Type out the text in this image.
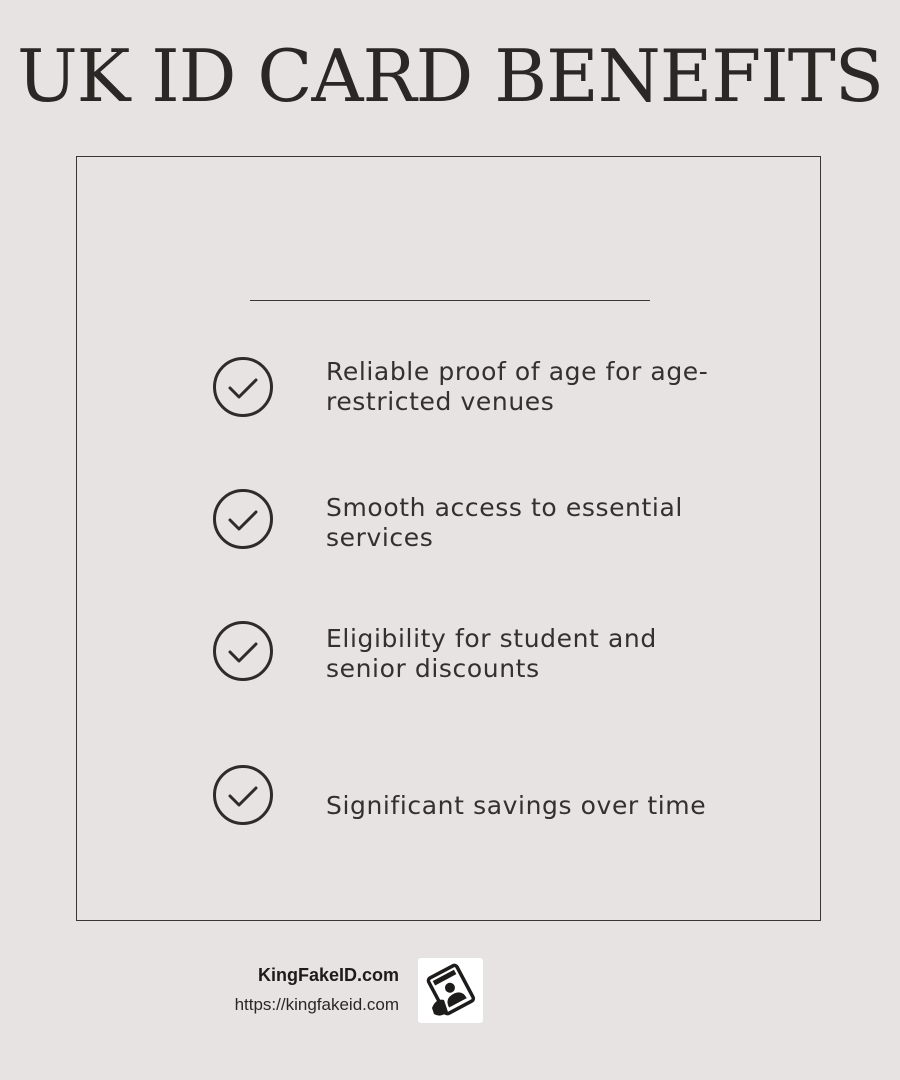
UK ID CARD BENEFITS
Reliable proof of age for age-
restricted venues
Smooth access to essential
services
Eligibility for student and
senior discounts
Significant savings over time
KingFakeID.com
https://kingfakeid.com
